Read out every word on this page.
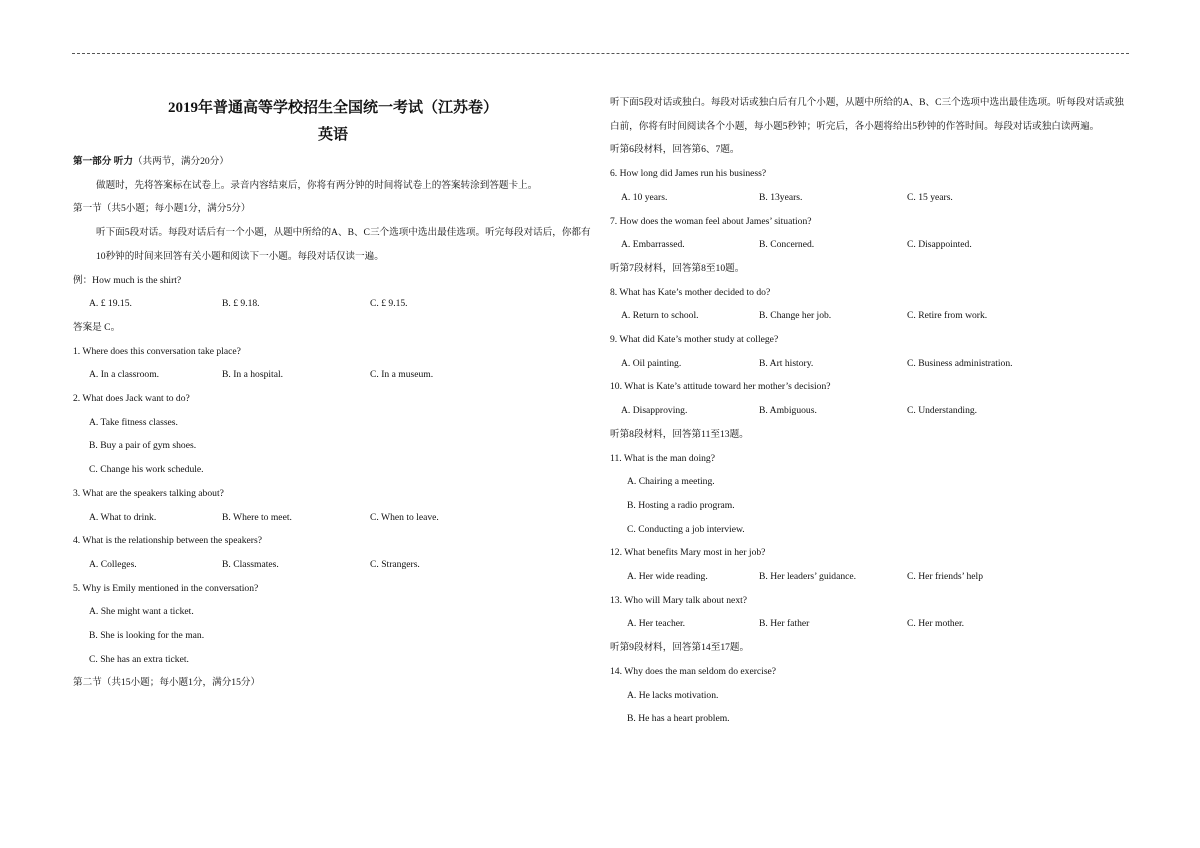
2019年普通高等学校招生全国统一考试（江苏卷）
英语
第一部分 听力（共两节，满分20分）
做题时，先将答案标在试卷上。录音内容结束后，你将有两分钟的时间将试卷上的答案转涂到答题卡上。
第一节（共5小题；每小题1分，满分5分）
听下面5段对话。每段对话后有一个小题，从题中所给的A、B、C三个选项中选出最佳选项。听完每段对话后，你都有10秒钟的时间来回答有关小题和阅读下一小题。每段对话仅读一遍。
例：How much is the shirt?
A. £ 19.15.	B. £ 9.18.	C. £ 9.15.
答案是 C。
1. Where does this conversation take place?
A. In a classroom.	B. In a hospital.	C. In a museum.
2. What does Jack want to do?
A. Take fitness classes.
B. Buy a pair of gym shoes.
C. Change his work schedule.
3. What are the speakers talking about?
A. What to drink.	B. Where to meet.	C. When to leave.
4. What is the relationship between the speakers?
A. Colleges.	B. Classmates.	C. Strangers.
5. Why is Emily mentioned in the conversation?
A. She might want a ticket.
B. She is looking for the man.
C. She has an extra ticket.
第二节（共15小题；每小题1分，满分15分）
听下面5段对话或独白。每段对话或独白后有几个小题，从题中所给的A、B、C三个选项中选出最佳选项。听每段对话或独白前，你将有时间阅读各个小题，每小题5秒钟；听完后，各小题将给出5秒钟的作答时间。每段对话或独白读两遍。
听第6段材料，回答第6、7题。
6. How long did James run his business?
A. 10 years.	B. 13years.	C. 15 years.
7. How does the woman feel about James’ situation?
A. Embarrassed.	B. Concerned.	C. Disappointed.
听第7段材料，回答第8至10题。
8. What has Kate’s mother decided to do?
A. Return to school.	B. Change her job.	C. Retire from work.
9. What did Kate’s mother study at college?
A. Oil painting.	B. Art history.	C. Business administration.
10. What is Kate’s attitude toward her mother’s decision?
A. Disapproving.	B. Ambiguous.	C. Understanding.
听第8段材料，回答第11至13题。
11. What is the man doing?
A. Chairing a meeting.
B. Hosting a radio program.
C. Conducting a job interview.
12. What benefits Mary most in her job?
A. Her wide reading.	B. Her leaders’ guidance.	C. Her friends’ help
13. Who will Mary talk about next?
A. Her teacher.	B. Her father	C. Her mother.
听第9段材料，回答第14至17题。
14. Why does the man seldom do exercise?
A. He lacks motivation.
B. He has a heart problem.
